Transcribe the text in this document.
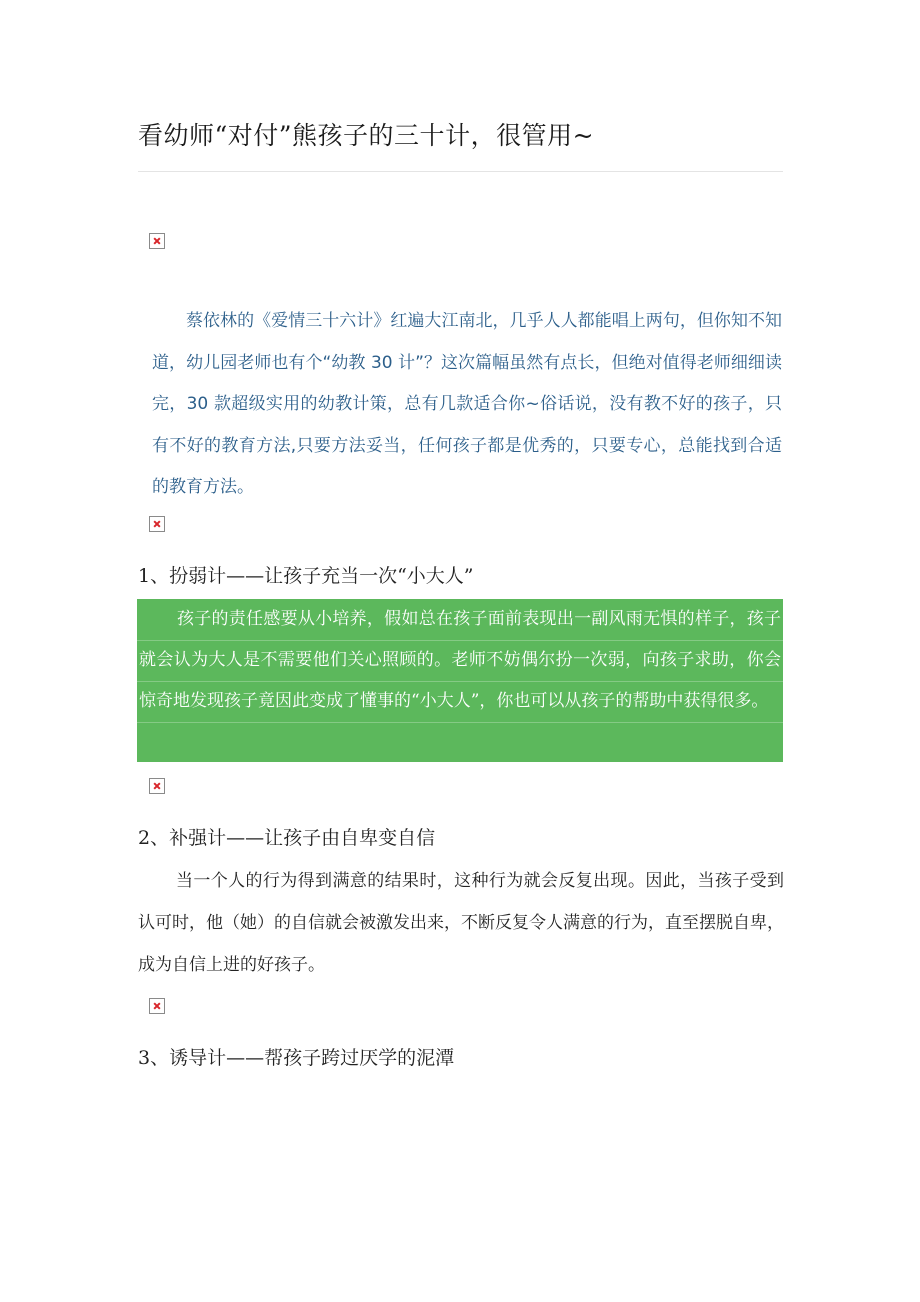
看幼师“对付”熊孩子的三十计，很管用~

蔡依林的《爱情三十六计》红遍大江南北，几乎人人都能唱上两句，但你知不知道，幼儿园老师也有个“幼教 30 计”？这次篇幅虽然有点长，但绝对值得老师细细读完，30 款超级实用的幼教计策，总有几款适合你~俗话说，没有教不好的孩子，只有不好的教育方法,只要方法妥当，任何孩子都是优秀的，只要专心，总能找到合适的教育方法。

1、扮弱计——让孩子充当一次“小大人”
www.zixin.com.cn

孩子的责任感要从小培养，假如总在孩子面前表现出一副风雨无惧的样子，孩子就会认为大人是不需要他们关心照顾的。老师不妨偶尔扮一次弱，向孩子求助，你会惊奇地发现孩子竟因此变成了懂事的“小大人”，你也可以从孩子的帮助中获得很多。

2、补强计——让孩子由自卑变自信

当一个人的行为得到满意的结果时，这种行为就会反复出现。因此，当孩子受到认可时，他（她）的自信就会被激发出来，不断反复令人满意的行为，直至摆脱自卑，成为自信上进的好孩子。

3、诱导计——帮孩子跨过厌学的泥潭
